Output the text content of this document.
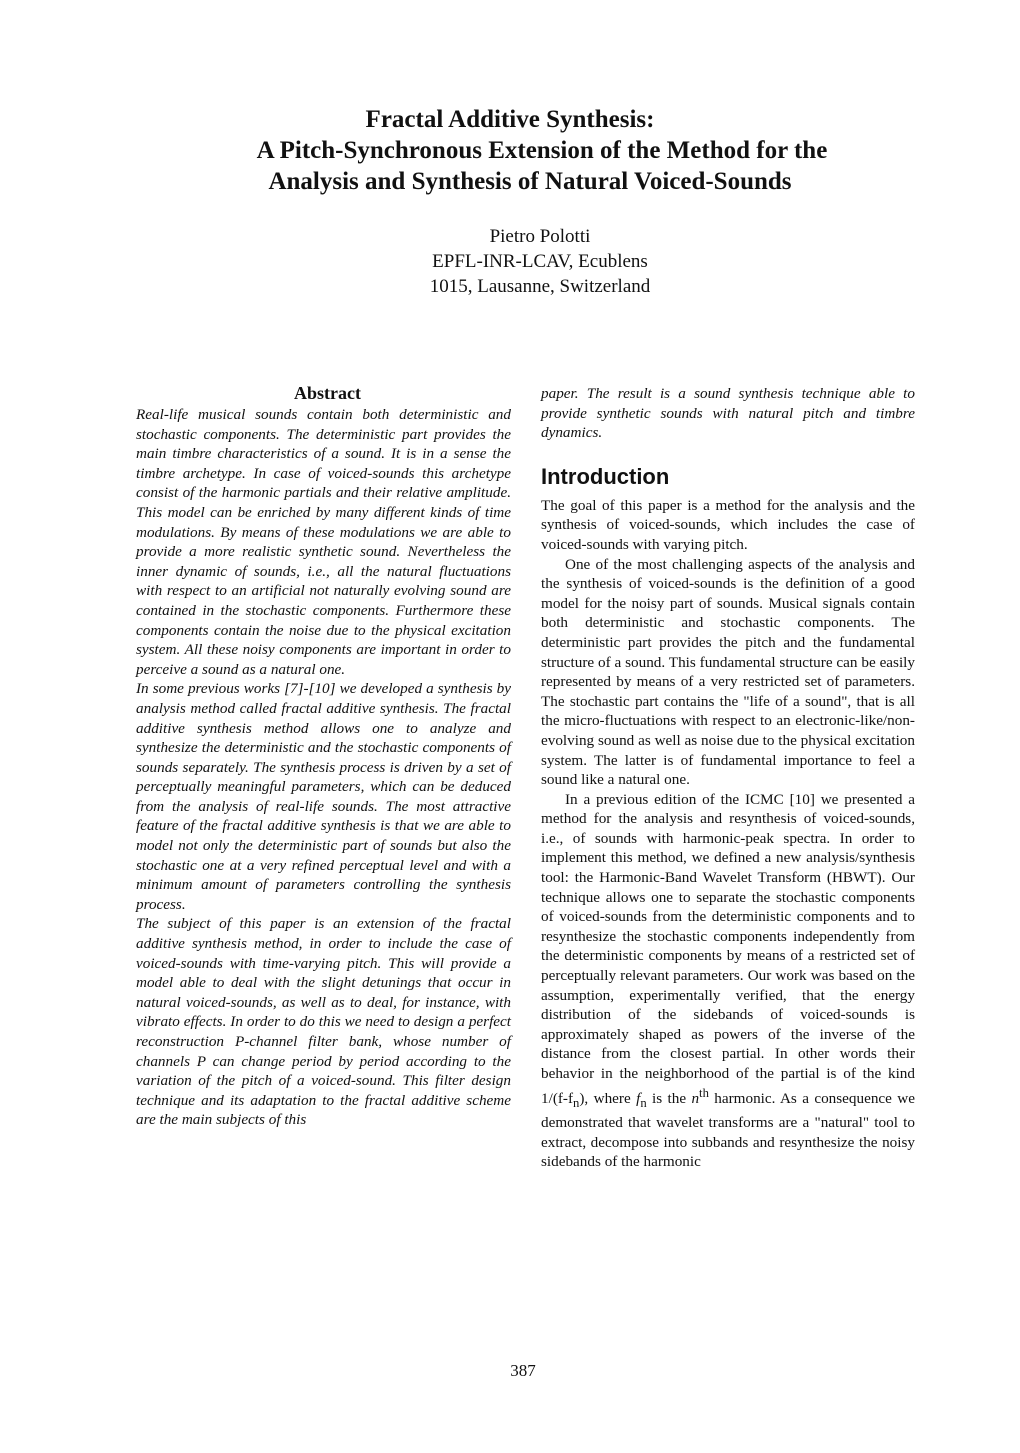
Fractal Additive Synthesis:
A Pitch-Synchronous Extension of the Method for the
Analysis and Synthesis of Natural Voiced-Sounds
Pietro Polotti
EPFL-INR-LCAV, Ecublens
1015, Lausanne, Switzerland
Abstract

Real-life musical sounds contain both deterministic and stochastic components. The deterministic part provides the main timbre characteristics of a sound. It is in a sense the timbre archetype. In case of voiced-sounds this archetype consist of the harmonic partials and their relative amplitude. This model can be enriched by many different kinds of time modulations. By means of these modulations we are able to provide a more realistic synthetic sound. Nevertheless the inner dynamic of sounds, i.e., all the natural fluctuations with respect to an artificial not naturally evolving sound are contained in the stochastic components. Furthermore these components contain the noise due to the physical excitation system. All these noisy components are important in order to perceive a sound as a natural one.

In some previous works [7]-[10] we developed a synthesis by analysis method called fractal additive synthesis. The fractal additive synthesis method allows one to analyze and synthesize the deterministic and the stochastic components of sounds separately. The synthesis process is driven by a set of perceptually meaningful parameters, which can be deduced from the analysis of real-life sounds. The most attractive feature of the fractal additive synthesis is that we are able to model not only the deterministic part of sounds but also the stochastic one at a very refined perceptual level and with a minimum amount of parameters controlling the synthesis process.

The subject of this paper is an extension of the fractal additive synthesis method, in order to include the case of voiced-sounds with time-varying pitch. This will provide a model able to deal with the slight detunings that occur in natural voiced-sounds, as well as to deal, for instance, with vibrato effects. In order to do this we need to design a perfect reconstruction P-channel filter bank, whose number of channels P can change period by period according to the variation of the pitch of a voiced-sound. This filter design technique and its adaptation to the fractal additive scheme are the main subjects of this

paper. The result is a sound synthesis technique able to provide synthetic sounds with natural pitch and timbre dynamics.

Introduction

The goal of this paper is a method for the analysis and the synthesis of voiced-sounds, which includes the case of voiced-sounds with varying pitch.

One of the most challenging aspects of the analysis and the synthesis of voiced-sounds is the definition of a good model for the noisy part of sounds. Musical signals contain both deterministic and stochastic components. The deterministic part provides the pitch and the fundamental structure of a sound. This fundamental structure can be easily represented by means of a very restricted set of parameters. The stochastic part contains the "life of a sound", that is all the micro-fluctuations with respect to an electronic-like/non-evolving sound as well as noise due to the physical excitation system. The latter is of fundamental importance to feel a sound like a natural one.

In a previous edition of the ICMC [10] we presented a method for the analysis and resynthesis of voiced-sounds, i.e., of sounds with harmonic-peak spectra. In order to implement this method, we defined a new analysis/synthesis tool: the Harmonic-Band Wavelet Transform (HBWT). Our technique allows one to separate the stochastic components of voiced-sounds from the deterministic components and to resynthesize the stochastic components independently from the deterministic components by means of a restricted set of perceptually relevant parameters. Our work was based on the assumption, experimentally verified, that the energy distribution of the sidebands of voiced-sounds is approximately shaped as powers of the inverse of the distance from the closest partial. In other words their behavior in the neighborhood of the partial is of the kind $1/(f-f_n)$, where $f_n$ is the $n^{th}$ harmonic. As a consequence we demonstrated that wavelet transforms are a "natural" tool to extract, decompose into subbands and resynthesize the noisy sidebands of the harmonic

387
